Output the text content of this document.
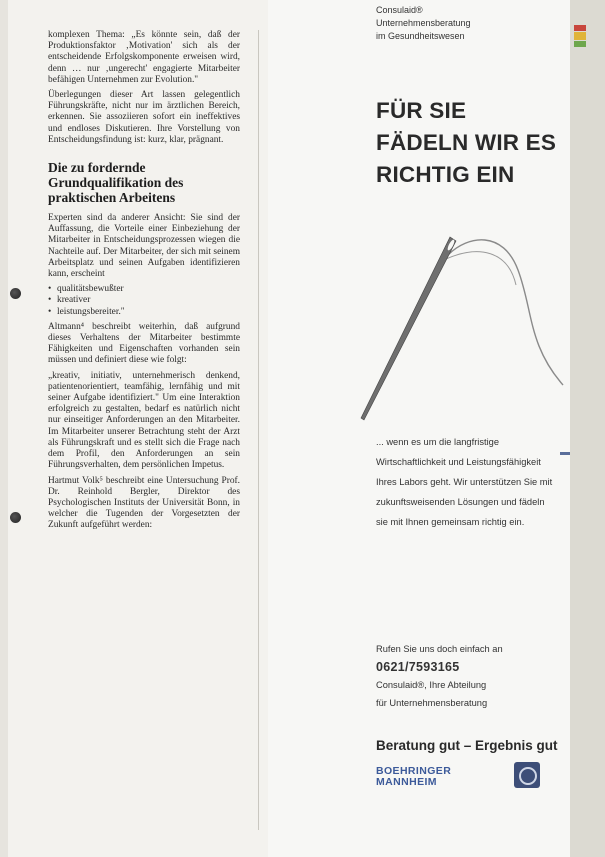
komplexen Thema: „Es könnte sein, daß der Produktionsfaktor ‚Motivation' sich als der entscheidende Erfolgskomponente erweisen wird, denn … nur ‚ungerecht' engagierte Mitarbeiter befähigen Unternehmen zur Evolution."

Überlegungen dieser Art lassen gelegentlich Führungskräfte, nicht nur im ärztlichen Bereich, erkennen. Sie assoziieren sofort ein ineffektives und endloses Diskutieren. Ihre Vorstellung von Entscheidungsfindung ist: kurz, klar, prägnant.

Die zu fordernde Grundqualifikation des praktischen Arbeitens

Experten sind da anderer Ansicht: Sie sind der Auffassung, die Vorteile einer Einbeziehung der Mitarbeiter in Entscheidungsprozessen wiegen die Nachteile auf. Der Mitarbeiter, der sich mit seinem Arbeitsplatz und seinen Aufgaben identifizieren kann, erscheint

• qualitätsbewußter
• kreativer
• leistungsbereiter."

Altmann⁴ beschreibt weiterhin, daß aufgrund dieses Verhaltens der Mitarbeiter bestimmte Fähigkeiten und Eigenschaften vorhanden sein müssen und definiert diese wie folgt:

„kreativ, initiativ, unternehmerisch denkend, patientenorientiert, teamfähig, lernfähig und mit seiner Aufgabe identifiziert." Um eine Interaktion erfolgreich zu gestalten, bedarf es natürlich nicht nur einseitiger Anforderungen an den Mitarbeiter. Im Mitarbeiter unserer Betrachtung steht der Arzt als Führungskraft und es stellt sich die Frage nach dem Profil, den Anforderungen an sein Führungsverhalten, dem persönlichen Impetus.

Hartmut Volk⁵ beschreibt eine Untersuchung Prof. Dr. Reinhold Bergler, Direktor des Psychologischen Instituts der Universität Bonn, in welcher die Tugenden der Vorgesetzten der Zukunft aufgeführt werden:

Consulaid®
Unternehmensberatung
im Gesundheitswesen
FÜR SIE
FÄDELN WIR ES
RICHTIG EIN
... wenn es um die langfristige
Wirtschaftlichkeit und Leistungsfähigkeit
Ihres Labors geht. Wir unterstützen Sie mit
zukunftsweisenden Lösungen und fädeln
sie mit Ihnen gemeinsam richtig ein.
Rufen Sie uns doch einfach an
0621/7593165
Consulaid®, Ihre Abteilung
für Unternehmensberatung
Beratung gut – Ergebnis gut
BOEHRINGER
MANNHEIM
